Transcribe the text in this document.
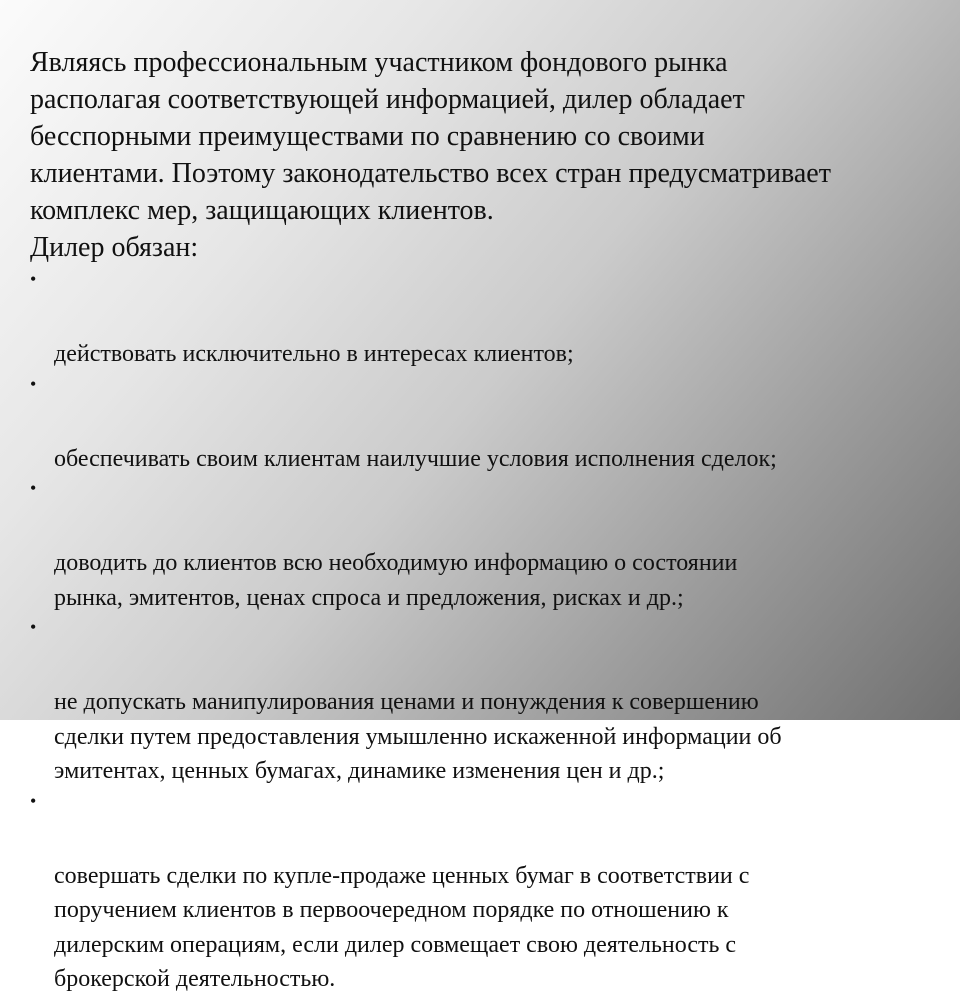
Являясь профессиональным участником фондового рынка
располагая соответствующей информацией, дилер обладает
бесспорными преимуществами по сравнению со своими
клиентами. Поэтому законодательство всех стран предусматривает
комплекс мер, защищающих клиентов.

Дилер обязан:

•

действовать исключительно в интересах клиентов;

•

обеспечивать своим клиентам наилучшие условия исполнения сделок;

•

доводить до клиентов всю необходимую информацию о состоянии
рынка, эмитентов, ценах спроса и предложения, рисках и др.;

•

не допускать манипулирования ценами и понуждения к совершению
сделки путем предоставления умышленно искаженной информации об
эмитентах, ценных бумагах, динамике изменения цен и др.;

•

совершать сделки по купле-продаже ценных бумаг в соответствии с
поручением клиентов в первоочередном порядке по отношению к
дилерским операциям, если дилер совмещает свою деятельность с
брокерской деятельностью.
